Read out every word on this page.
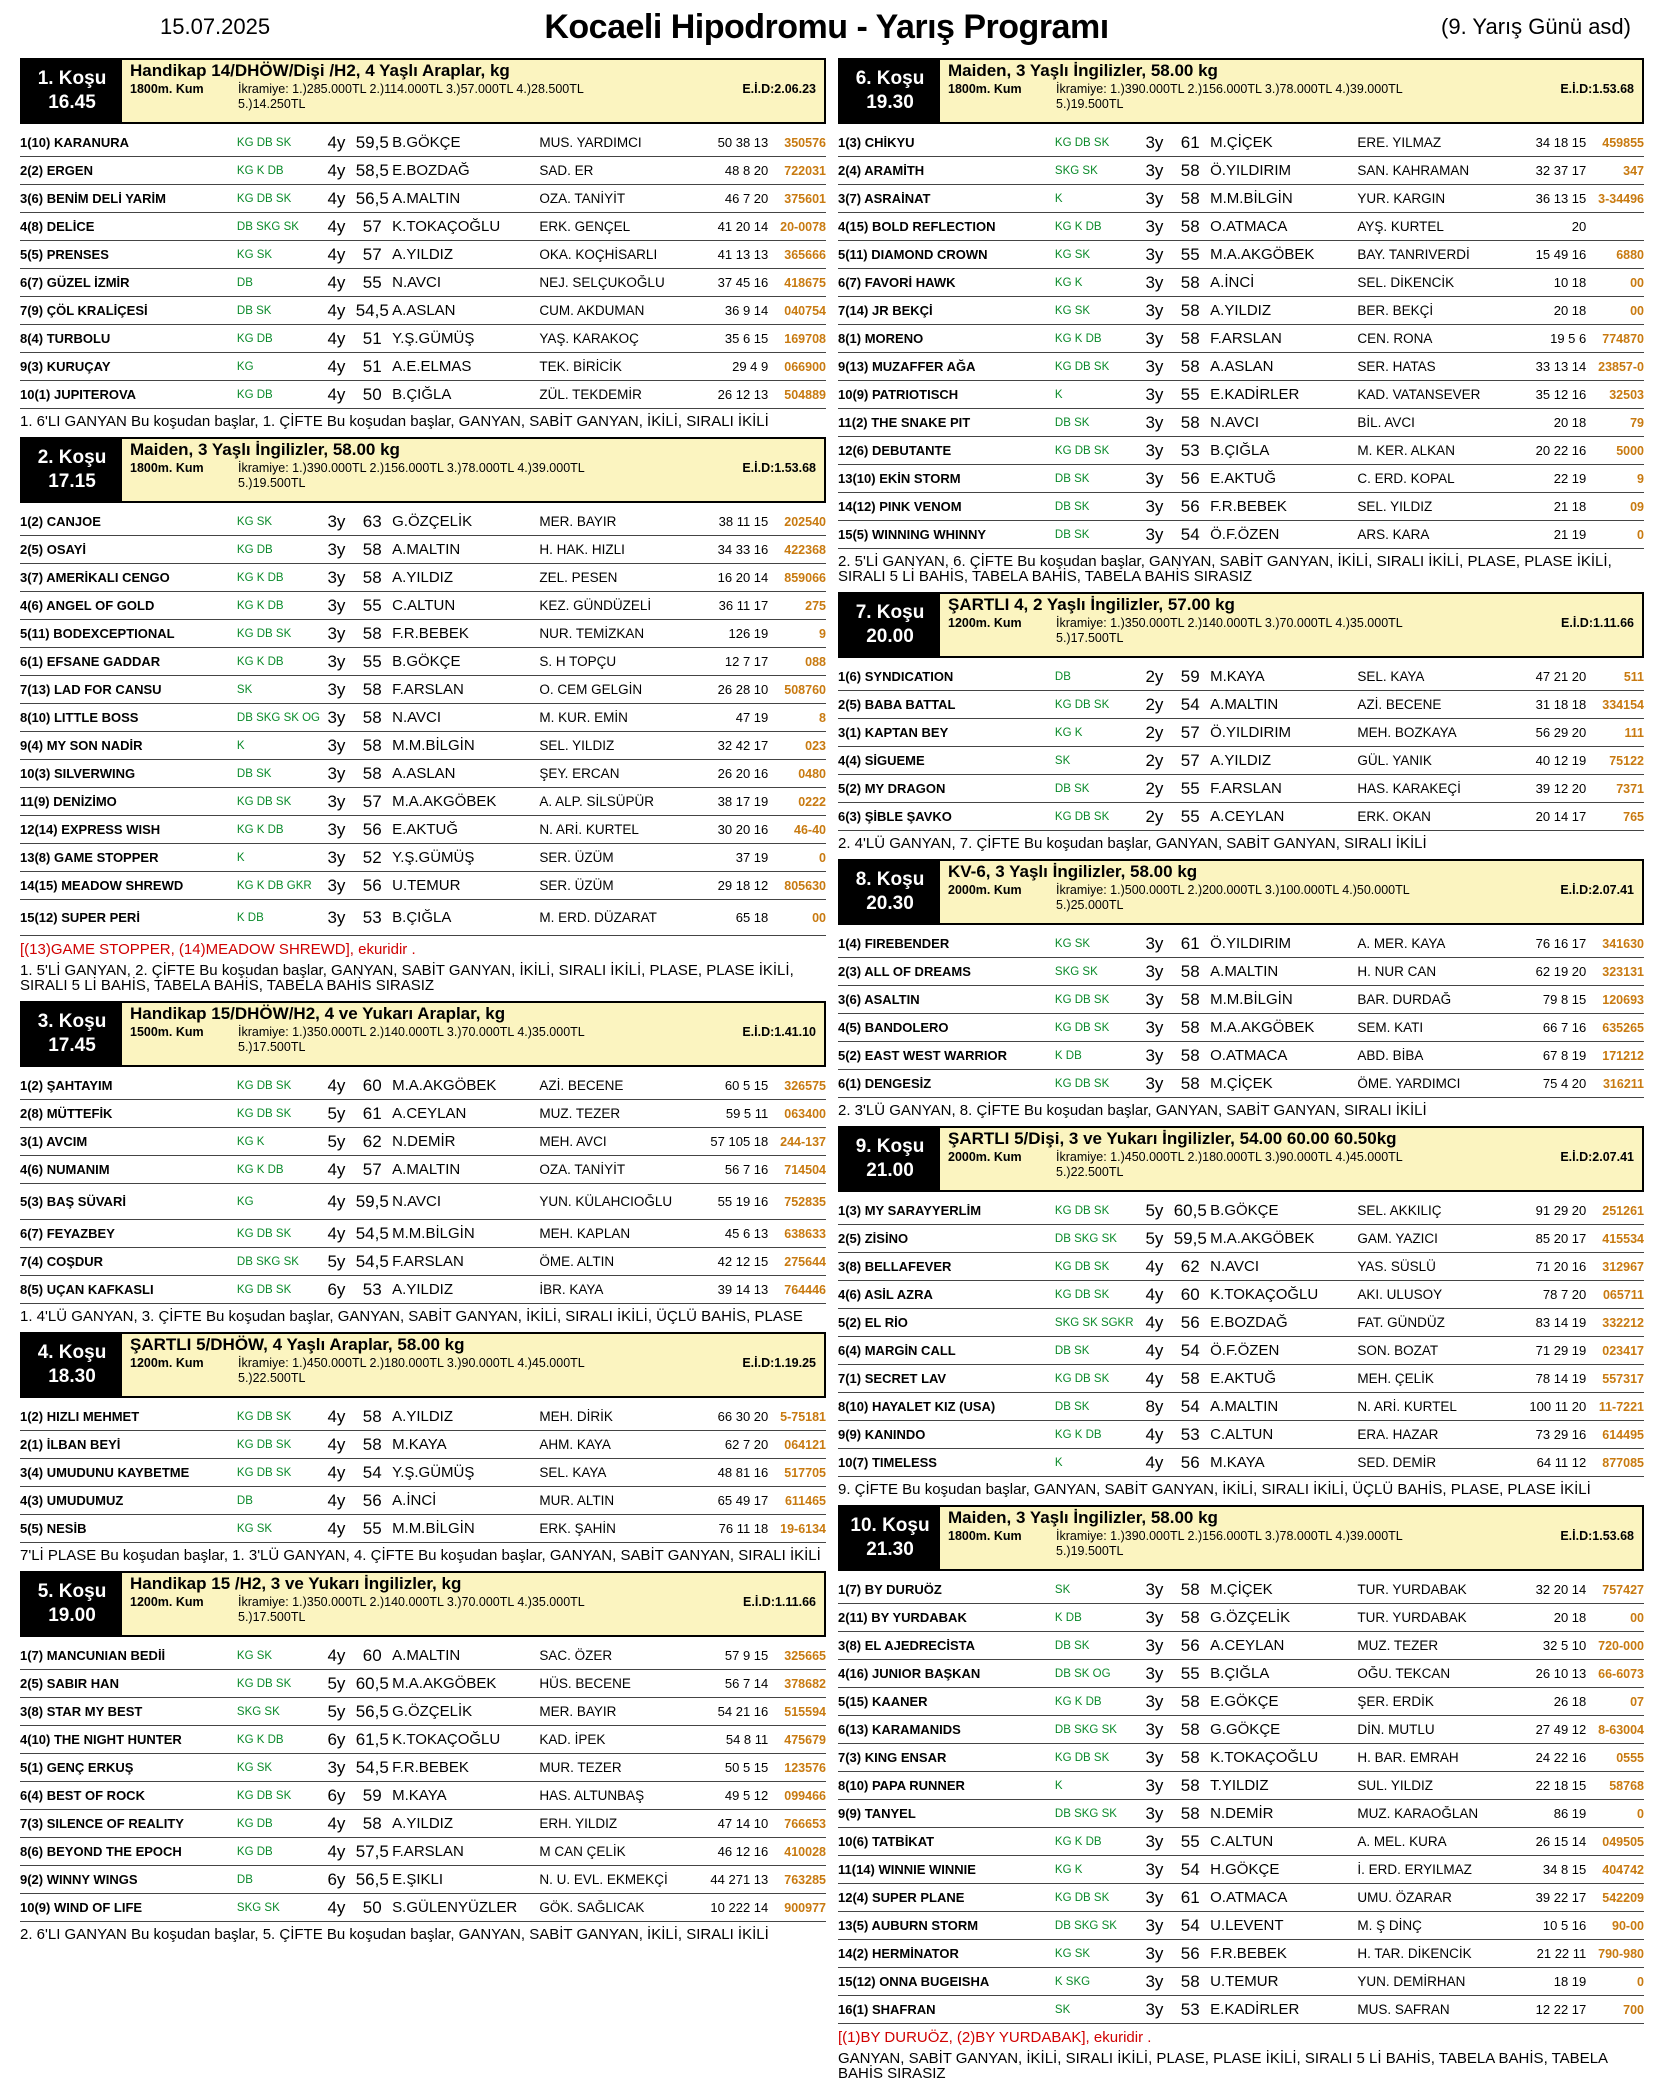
Kocaeli Hipodromu - Yarış Programı
15.07.2025	(9. Yarış Günü asd)
1. Koşu
16.45
Handikap 14/DHÖW/Dişi /H2, 4 Yaşlı Araplar, kg
1800m. Kum	İkramiye: 1.)285.000TL 2.)114.000TL 3.)57.000TL 4.)28.500TL	E.İ.D:2.06.23
5.)14.250TL
1(10) KARANURA	KG DB SK	4y 59,5 B.GÖKÇE	MUS. YARDIMCI	50 38 13	350576
2(2) ERGEN	KG K DB	4y 58,5 E.BOZDAĞ	SAD. ER	48 8 20	722031
3(6) BENİM DELİ YARİM	KG DB SK	4y 56,5 A.MALTIN	OZA. TANİYİT	46 7 20	375601
4(8) DELİCE	DB SKG SK	4y	57 K.TOKAÇOĞLU	ERK. GENÇEL	41 20 14 20-0078
5(5) PRENSES	KG SK	4y	57 A.YILDIZ	OKA. KOÇHİSARLI	41 13 13	365666
6(7) GÜZEL İZMİR	DB	4y	55 N.AVCI	NEJ. SELÇUKOĞLU	37 45 16	418675
7(9) ÇÖL KRALİÇESİ	DB SK	4y 54,5 A.ASLAN	CUM. AKDUMAN	36 9 14	040754
8(4) TURBOLU	KG DB	4y	51 Y.Ş.GÜMÜŞ	YAŞ. KARAKOÇ	35 6 15	169708
9(3) KURUÇAY	KG	4y	51 A.E.ELMAS	TEK. BİRİCİK	29 4 9	066900
10(1) JUPITEROVA	KG DB	4y	50 B.ÇIĞLA	ZÜL. TEKDEMİR	26 12 13	504889
1. 6'LI GANYAN Bu koşudan başlar, 1. ÇİFTE Bu koşudan başlar, GANYAN, SABİT GANYAN, İKİLİ, SIRALI İKİLİ
2. Koşu
17.15
Maiden, 3 Yaşlı İngilizler, 58.00 kg
1800m. Kum	İkramiye: 1.)390.000TL 2.)156.000TL 3.)78.000TL 4.)39.000TL	E.İ.D:1.53.68
5.)19.500TL
1(2) CANJOE	KG SK	3y	63 G.ÖZÇELİK	MER. BAYIR	38 11 15	202540
2(5) OSAYİ	KG DB	3y	58 A.MALTIN	H. HAK. HIZLI	34 33 16	422368
3(7) AMERİKALI CENGO	KG K DB	3y	58 A.YILDIZ	ZEL. PESEN	16 20 14	859066
4(6) ANGEL OF GOLD	KG K DB	3y	55 C.ALTUN	KEZ. GÜNDÜZELİ	36 11 17	275
5(11) BODEXCEPTIONAL	KG DB SK	3y	58 F.R.BEBEK	NUR. TEMİZKAN	126 19	9
6(1) EFSANE GADDAR	KG K DB	3y	55 B.GÖKÇE	S. H TOPÇU	12 7 17	088
7(13) LAD FOR CANSU	SK	3y	58 F.ARSLAN	O. CEM GELGİN	26 28 10	508760
8(10) LITTLE BOSS	DB SKG SK OG 3y	58 N.AVCI	M. KUR. EMİN	47 19	8
9(4) MY SON NADİR	K	3y	58 M.M.BİLGİN	SEL. YILDIZ	32 42 17	023
10(3) SILVERWING	DB SK	3y	58 A.ASLAN	ŞEY. ERCAN	26 20 16	0480
11(9) DENİZİMO	KG DB SK	3y	57 M.A.AKGÖBEK	A. ALP. SİLSÜPÜR	38 17 19	0222
12(14) EXPRESS WISH	KG K DB	3y	56 E.AKTUĞ	N. ARİ. KURTEL	30 20 16	46-40
13(8) GAME STOPPER	K	3y	52 Y.Ş.GÜMÜŞ	SER. ÜZÜM	37 19	0
14(15) MEADOW SHREWD	KG K DB GKR 3y	56 U.TEMUR	SER. ÜZÜM	29 18 12	805630
15(12) SUPER PERİ	K DB	3y	53 B.ÇIĞLA	M. ERD. DÜZARAT	65 18	00
[(13)GAME STOPPER, (14)MEADOW SHREWD], ekuridir .
1. 5'Lİ GANYAN, 2. ÇİFTE Bu koşudan başlar, GANYAN, SABİT GANYAN, İKİLİ, SIRALI İKİLİ, PLASE, PLASE İKİLİ, SIRALI 5 Lİ BAHİS, TABELA BAHİS, TABELA BAHİS SIRASIZ
3. Koşu
17.45
Handikap 15/DHÖW/H2, 4 ve Yukarı Araplar, kg
1500m. Kum	İkramiye: 1.)350.000TL 2.)140.000TL 3.)70.000TL 4.)35.000TL	E.İ.D:1.41.10
5.)17.500TL
1(2) ŞAHTAYIM	KG DB SK	4y	60 M.A.AKGÖBEK	AZİ. BECENE	60 5 15	326575
2(8) MÜTTEFİK	KG DB SK	5y	61 A.CEYLAN	MUZ. TEZER	59 5 11	063400
3(1) AVCIM	KG K	5y	62 N.DEMİR	MEH. AVCI	57 105 18 244-137
4(6) NUMANIM	KG K DB	4y	57 A.MALTIN	OZA. TANİYİT	56 7 16	714504
5(3) BAŞ SÜVARİ	KG	4y 59,5 N.AVCI	YUN. KÜLAHCIOĞLU	55 19 16	752835
6(7) FEYAZBEY	KG DB SK	4y 54,5 M.M.BİLGİN	MEH. KAPLAN	45 6 13	638633
7(4) COŞDUR	DB SKG SK	5y 54,5 F.ARSLAN	ÖME. ALTIN	42 12 15	275644
8(5) UÇAN KAFKASLI	KG DB SK	6y	53 A.YILDIZ	İBR. KAYA	39 14 13	764446
1. 4'LÜ GANYAN, 3. ÇİFTE Bu koşudan başlar, GANYAN, SABİT GANYAN, İKİLİ, SIRALI İKİLİ, ÜÇLÜ BAHİS, PLASE
4. Koşu
18.30
ŞARTLI 5/DHÖW, 4 Yaşlı Araplar, 58.00 kg
1200m. Kum	İkramiye: 1.)450.000TL 2.)180.000TL 3.)90.000TL 4.)45.000TL	E.İ.D:1.19.25
5.)22.500TL
1(2) HIZLI MEHMET	KG DB SK	4y	58 A.YILDIZ	MEH. DİRİK	66 30 20 5-75181
2(1) İLBAN BEYİ	KG DB SK	4y	58 M.KAYA	AHM. KAYA	62 7 20	064121
3(4) UMUDUNU KAYBETME	KG DB SK	4y	54 Y.Ş.GÜMÜŞ	SEL. KAYA	48 81 16	517705
4(3) UMUDUMUZ	DB	4y	56 A.İNCİ	MUR. ALTIN	65 49 17	611465
5(5) NESİB	KG SK	4y	55 M.M.BİLGİN	ERK. ŞAHİN	76 11 18 19-6134
7'Lİ PLASE Bu koşudan başlar, 1. 3'LÜ GANYAN, 4. ÇİFTE Bu koşudan başlar, GANYAN, SABİT GANYAN, SIRALI İKİLİ
5. Koşu
19.00
Handikap 15 /H2, 3 ve Yukarı İngilizler, kg
1200m. Kum	İkramiye: 1.)350.000TL 2.)140.000TL 3.)70.000TL 4.)35.000TL	E.İ.D:1.11.66
5.)17.500TL
1(7) MANCUNIAN BEDİİ	KG SK	4y	60 A.MALTIN	SAC. ÖZER	57 9 15	325665
2(5) SABIR HAN	KG DB SK	5y 60,5 M.A.AKGÖBEK	HÜS. BECENE	56 7 14	378682
3(8) STAR MY BEST	SKG SK	5y 56,5 G.ÖZÇELİK	MER. BAYIR	54 21 16	515594
4(10) THE NIGHT HUNTER	KG K DB	6y 61,5 K.TOKAÇOĞLU	KAD. İPEK	54 8 11	475679
5(1) GENÇ ERKUŞ	KG SK	3y 54,5 F.R.BEBEK	MUR. TEZER	50 5 15	123576
6(4) BEST OF ROCK	KG DB SK	6y	59 M.KAYA	HAS. ALTUNBAŞ	49 5 12	099466
7(3) SILENCE OF REALITY	KG DB	4y	58 A.YILDIZ	ERH. YILDIZ	47 14 10	766653
8(6) BEYOND THE EPOCH	KG DB	4y 57,5 F.ARSLAN	M CAN ÇELİK	46 12 16	410028
9(2) WINNY WINGS	DB	6y 56,5 E.ŞIKLI	N. U. EVL. EKMEKÇİ	44 271 13	763285
10(9) WIND OF LIFE	SKG SK	4y	50 S.GÜLENYÜZLER	GÖK. SAĞLICAK	10 222 14	900977
2. 6'LI GANYAN Bu koşudan başlar, 5. ÇİFTE Bu koşudan başlar, GANYAN, SABİT GANYAN, İKİLİ, SIRALI İKİLİ
6. Koşu
19.30
Maiden, 3 Yaşlı İngilizler, 58.00 kg
1800m. Kum	İkramiye: 1.)390.000TL 2.)156.000TL 3.)78.000TL 4.)39.000TL	E.İ.D:1.53.68
5.)19.500TL
1(3) CHİKYU	KG DB SK	3y	61 M.ÇİÇEK	ERE. YILMAZ	34 18 15	459855
2(4) ARAMİTH	SKG SK	3y	58 Ö.YILDIRIM	SAN. KAHRAMAN	32 37 17	347
3(7) ASRAİNAT	K	3y	58 M.M.BİLGİN	YUR. KARGIN	36 13 15 3-34496
4(15) BOLD REFLECTION	KG K DB	3y	58 O.ATMACA	AYŞ. KURTEL	20
5(11) DIAMOND CROWN	KG SK	3y	55 M.A.AKGÖBEK	BAY. TANRIVERDİ	15 49 16	6880
6(7) FAVORİ HAWK	KG K	3y	58 A.İNCİ	SEL. DİKENCİK	10 18	00
7(14) JR BEKÇİ	KG SK	3y	58 A.YILDIZ	BER. BEKÇİ	20 18	00
8(1) MORENO	KG K DB	3y	58 F.ARSLAN	CEN. RONA	19 5 6	774870
9(13) MUZAFFER AĞA	KG DB SK	3y	58 A.ASLAN	SER. HATAS	33 13 14 23857-0
10(9) PATRIOTISCH	K	3y	55 E.KADİRLER	KAD. VATANSEVER	35 12 16	32503
11(2) THE SNAKE PIT	DB SK	3y	58 N.AVCI	BİL. AVCI	20 18	79
12(6) DEBUTANTE	KG DB SK	3y	53 B.ÇIĞLA	M. KER. ALKAN	20 22 16	5000
13(10) EKİN STORM	DB SK	3y	56 E.AKTUĞ	C. ERD. KOPAL	22 19	9
14(12) PINK VENOM	DB SK	3y	56 F.R.BEBEK	SEL. YILDIZ	21 18	09
15(5) WINNING WHINNY	DB SK	3y	54 Ö.F.ÖZEN	ARS. KARA	21 19	0
2. 5'Lİ GANYAN, 6. ÇİFTE Bu koşudan başlar, GANYAN, SABİT GANYAN, İKİLİ, SIRALI İKİLİ, PLASE, PLASE İKİLİ, SIRALI 5 Lİ BAHİS, TABELA BAHİS, TABELA BAHİS SIRASIZ
7. Koşu
20.00
ŞARTLI 4, 2 Yaşlı İngilizler, 57.00 kg
1200m. Kum	İkramiye: 1.)350.000TL 2.)140.000TL 3.)70.000TL 4.)35.000TL	E.İ.D:1.11.66
5.)17.500TL
1(6) SYNDICATION	DB	2y	59 M.KAYA	SEL. KAYA	47 21 20	511
2(5) BABA BATTAL	KG DB SK	2y	54 A.MALTIN	AZİ. BECENE	31 18 18	334154
3(1) KAPTAN BEY	KG K	2y	57 Ö.YILDIRIM	MEH. BOZKAYA	56 29 20	111
4(4) SİGUEME	SK	2y	57 A.YILDIZ	GÜL. YANIK	40 12 19	75122
5(2) MY DRAGON	DB SK	2y	55 F.ARSLAN	HAS. KARAKEÇİ	39 12 20	7371
6(3) ŞİBLE ŞAVKO	KG DB SK	2y	55 A.CEYLAN	ERK. OKAN	20 14 17	765
2. 4'LÜ GANYAN, 7. ÇİFTE Bu koşudan başlar, GANYAN, SABİT GANYAN, SIRALI İKİLİ
8. Koşu
20.30
KV-6, 3 Yaşlı İngilizler, 58.00 kg
2000m. Kum	İkramiye: 1.)500.000TL 2.)200.000TL 3.)100.000TL 4.)50.000TL	E.İ.D:2.07.41
5.)25.000TL
1(4) FIREBENDER	KG SK	3y	61 Ö.YILDIRIM	A. MER. KAYA	76 16 17	341630
2(3) ALL OF DREAMS	SKG SK	3y	58 A.MALTIN	H. NUR CAN	62 19 20	323131
3(6) ASALTIN	KG DB SK	3y	58 M.M.BİLGİN	BAR. DURDAĞ	79 8 15	120693
4(5) BANDOLERO	KG DB SK	3y	58 M.A.AKGÖBEK	SEM. KATI	66 7 16	635265
5(2) EAST WEST WARRIOR	K DB	3y	58 O.ATMACA	ABD. BİBA	67 8 19	171212
6(1) DENGESİZ	KG DB SK	3y	58 M.ÇİÇEK	ÖME. YARDIMCI	75 4 20	316211
2. 3'LÜ GANYAN, 8. ÇİFTE Bu koşudan başlar, GANYAN, SABİT GANYAN, SIRALI İKİLİ
9. Koşu
21.00
ŞARTLI 5/Dişi, 3 ve Yukarı İngilizler, 54.00 60.00 60.50kg
2000m. Kum	İkramiye: 1.)450.000TL 2.)180.000TL 3.)90.000TL 4.)45.000TL	E.İ.D:2.07.41
5.)22.500TL
1(3) MY SARAYYERLİM	KG DB SK	5y 60,5 B.GÖKÇE	SEL. AKKILIÇ	91 29 20	251261
2(5) ZİSİNO	DB SKG SK	5y 59,5 M.A.AKGÖBEK	GAM. YAZICI	85 20 17	415534
3(8) BELLAFEVER	KG DB SK	4y	62 N.AVCI	YAS. SÜSLÜ	71 20 16	312967
4(6) ASİL AZRA	KG DB SK	4y	60 K.TOKAÇOĞLU	AKI. ULUSOY	78 7 20	065711
5(2) EL RİO	SKG SK SGKR 4y	56 E.BOZDAĞ	FAT. GÜNDÜZ	83 14 19	332212
6(4) MARGİN CALL	DB SK	4y	54 Ö.F.ÖZEN	SON. BOZAT	71 29 19	023417
7(1) SECRET LAV	KG DB SK	4y	58 E.AKTUĞ	MEH. ÇELİK	78 14 19	557317
8(10) HAYALET KIZ (USA)	DB SK	8y	54 A.MALTIN	N. ARİ. KURTEL	100 11 20	11-7221
9(9) KANINDO	KG K DB	4y	53 C.ALTUN	ERA. HAZAR	73 29 16	614495
10(7) TIMELESS	K	4y	56 M.KAYA	SED. DEMİR	64 11 12	877085
9. ÇİFTE Bu koşudan başlar, GANYAN, SABİT GANYAN, İKİLİ, SIRALI İKİLİ, ÜÇLÜ BAHİS, PLASE, PLASE İKİLİ
10. Koşu
21.30
Maiden, 3 Yaşlı İngilizler, 58.00 kg
1800m. Kum	İkramiye: 1.)390.000TL 2.)156.000TL 3.)78.000TL 4.)39.000TL	E.İ.D:1.53.68
5.)19.500TL
1(7) BY DURUÖZ	SK	3y	58 M.ÇİÇEK	TUR. YURDABAK	32 20 14	757427
2(11) BY YURDABAK	K DB	3y	58 G.ÖZÇELİK	TUR. YURDABAK	20 18	00
3(8) EL AJEDRECİSTA	DB SK	3y	56 A.CEYLAN	MUZ. TEZER	32 5 10 720-000
4(16) JUNIOR BAŞKAN	DB SK OG	3y	55 B.ÇIĞLA	OĞU. TEKCAN	26 10 13 66-6073
5(15) KAANER	KG K DB	3y	58 E.GÖKÇE	ŞER. ERDİK	26 18	07
6(13) KARAMANIDS	DB SKG SK	3y	58 G.GÖKÇE	DİN. MUTLU	27 49 12 8-63004
7(3) KING ENSAR	KG DB SK	3y	58 K.TOKAÇOĞLU	H. BAR. EMRAH	24 22 16	0555
8(10) PAPA RUNNER	K	3y	58 T.YILDIZ	SUL. YILDIZ	22 18 15	58768
9(9) TANYEL	DB SKG SK	3y	58 N.DEMİR	MUZ. KARAOĞLAN	86 19	0
10(6) TATBİKAT	KG K DB	3y	55 C.ALTUN	A. MEL. KURA	26 15 14	049505
11(14) WINNIE WINNIE	KG K	3y	54 H.GÖKÇE	İ. ERD. ERYILMAZ	34 8 15	404742
12(4) SUPER PLANE	KG DB SK	3y	61 O.ATMACA	UMU. ÖZARAR	39 22 17	542209
13(5) AUBURN STORM	DB SKG SK	3y	54 U.LEVENT	M. Ş DİNÇ	10 5 16	90-00
14(2) HERMİNATOR	KG SK	3y	56 F.R.BEBEK	H. TAR. DİKENCİK	21 22 11 790-980
15(12) ONNA BUGEISHA	K SKG	3y	58 U.TEMUR	YUN. DEMİRHAN	18 19	0
16(1) SHAFRAN	SK	3y	53 E.KADİRLER	MUS. SAFRAN	12 22 17	700
[(1)BY DURUÖZ, (2)BY YURDABAK], ekuridir .
GANYAN, SABİT GANYAN, İKİLİ, SIRALI İKİLİ, PLASE, PLASE İKİLİ, SIRALI 5 Lİ BAHİS, TABELA BAHİS, TABELA BAHİS SIRASIZ
